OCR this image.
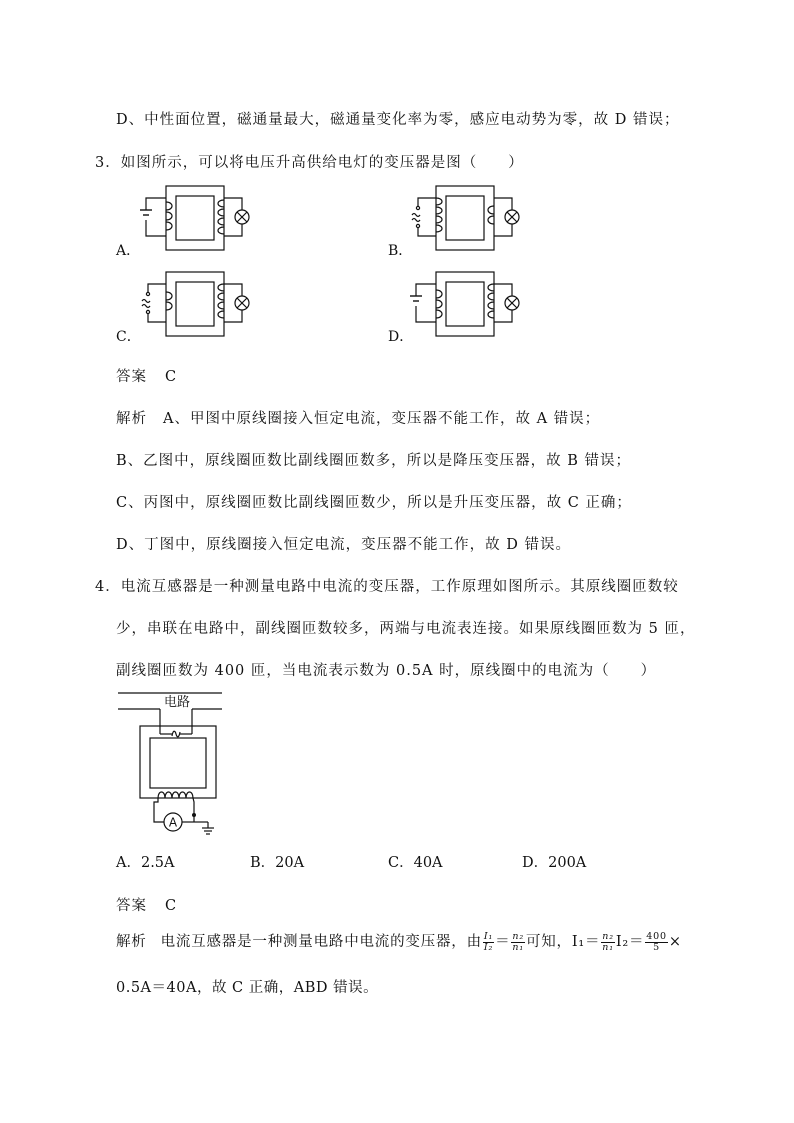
D、中性面位置，磁通量最大，磁通量变化率为零，感应电动势为零，故 D 错误；
3．如图所示，可以将电压升高供给电灯的变压器是图（　　）
A．	B．
C．	D．
答案 C
解析 A、甲图中原线圈接入恒定电流，变压器不能工作，故 A 错误；
B、乙图中，原线圈匝数比副线圈匝数多，所以是降压变压器，故 B 错误；
C、丙图中，原线圈匝数比副线圈匝数少，所以是升压变压器，故 C 正确；
D、丁图中，原线圈接入恒定电流，变压器不能工作，故 D 错误。
4．电流互感器是一种测量电路中电流的变压器，工作原理如图所示。其原线圈匝数较
少，串联在电路中，副线圈匝数较多，两端与电流表连接。如果原线圈匝数为 5 匝，
副线圈匝数为 400 匝，当电流表示数为 0.5A 时，原线圈中的电流为（　　）
电路
A
A．2.5A	B．20A	C．40A	D．200A
答案 C
解析 电流互感器是一种测量电路中电流的变压器，由 $\frac{\text{I₁}}{\text{I₂}} = \frac{\text{n₂}}{\text{n₁}}$ 可知，$I_1= \frac{\text{n₂}}{\text{n₁}} I_2= \frac{400}{5}$ ×
0.5A＝40A，故 C 正确，ABD 错误。
